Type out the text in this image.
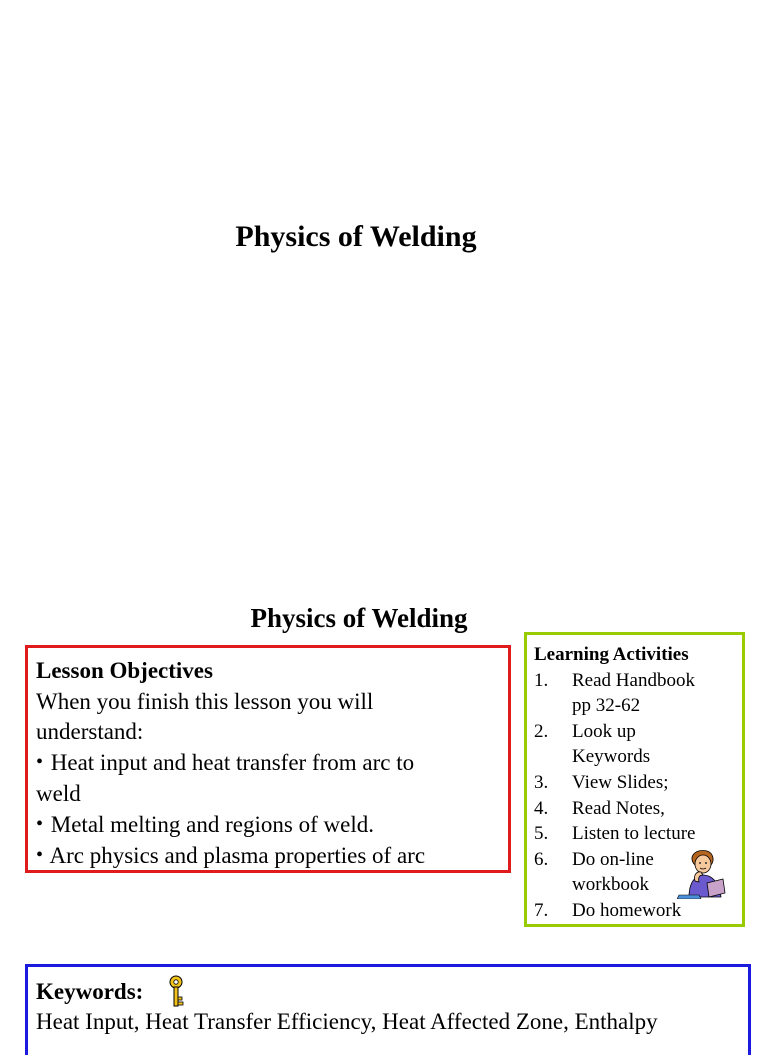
Physics of Welding
Physics of Welding
Lesson Objectives
When you finish this lesson you will
understand:
• Heat input and heat transfer from arc to
weld
• Metal melting and regions of weld.
• Arc physics and plasma properties of arc
Learning Activities
1.	Read Handbook
pp 32-62
2.	Look up
Keywords
3.	View Slides;
4.	Read Notes,
5.	Listen to lecture
6.	Do on-line
workbook
7.	Do homework
Keywords:
Heat Input, Heat Transfer Efficiency, Heat Affected Zone, Enthalpy
